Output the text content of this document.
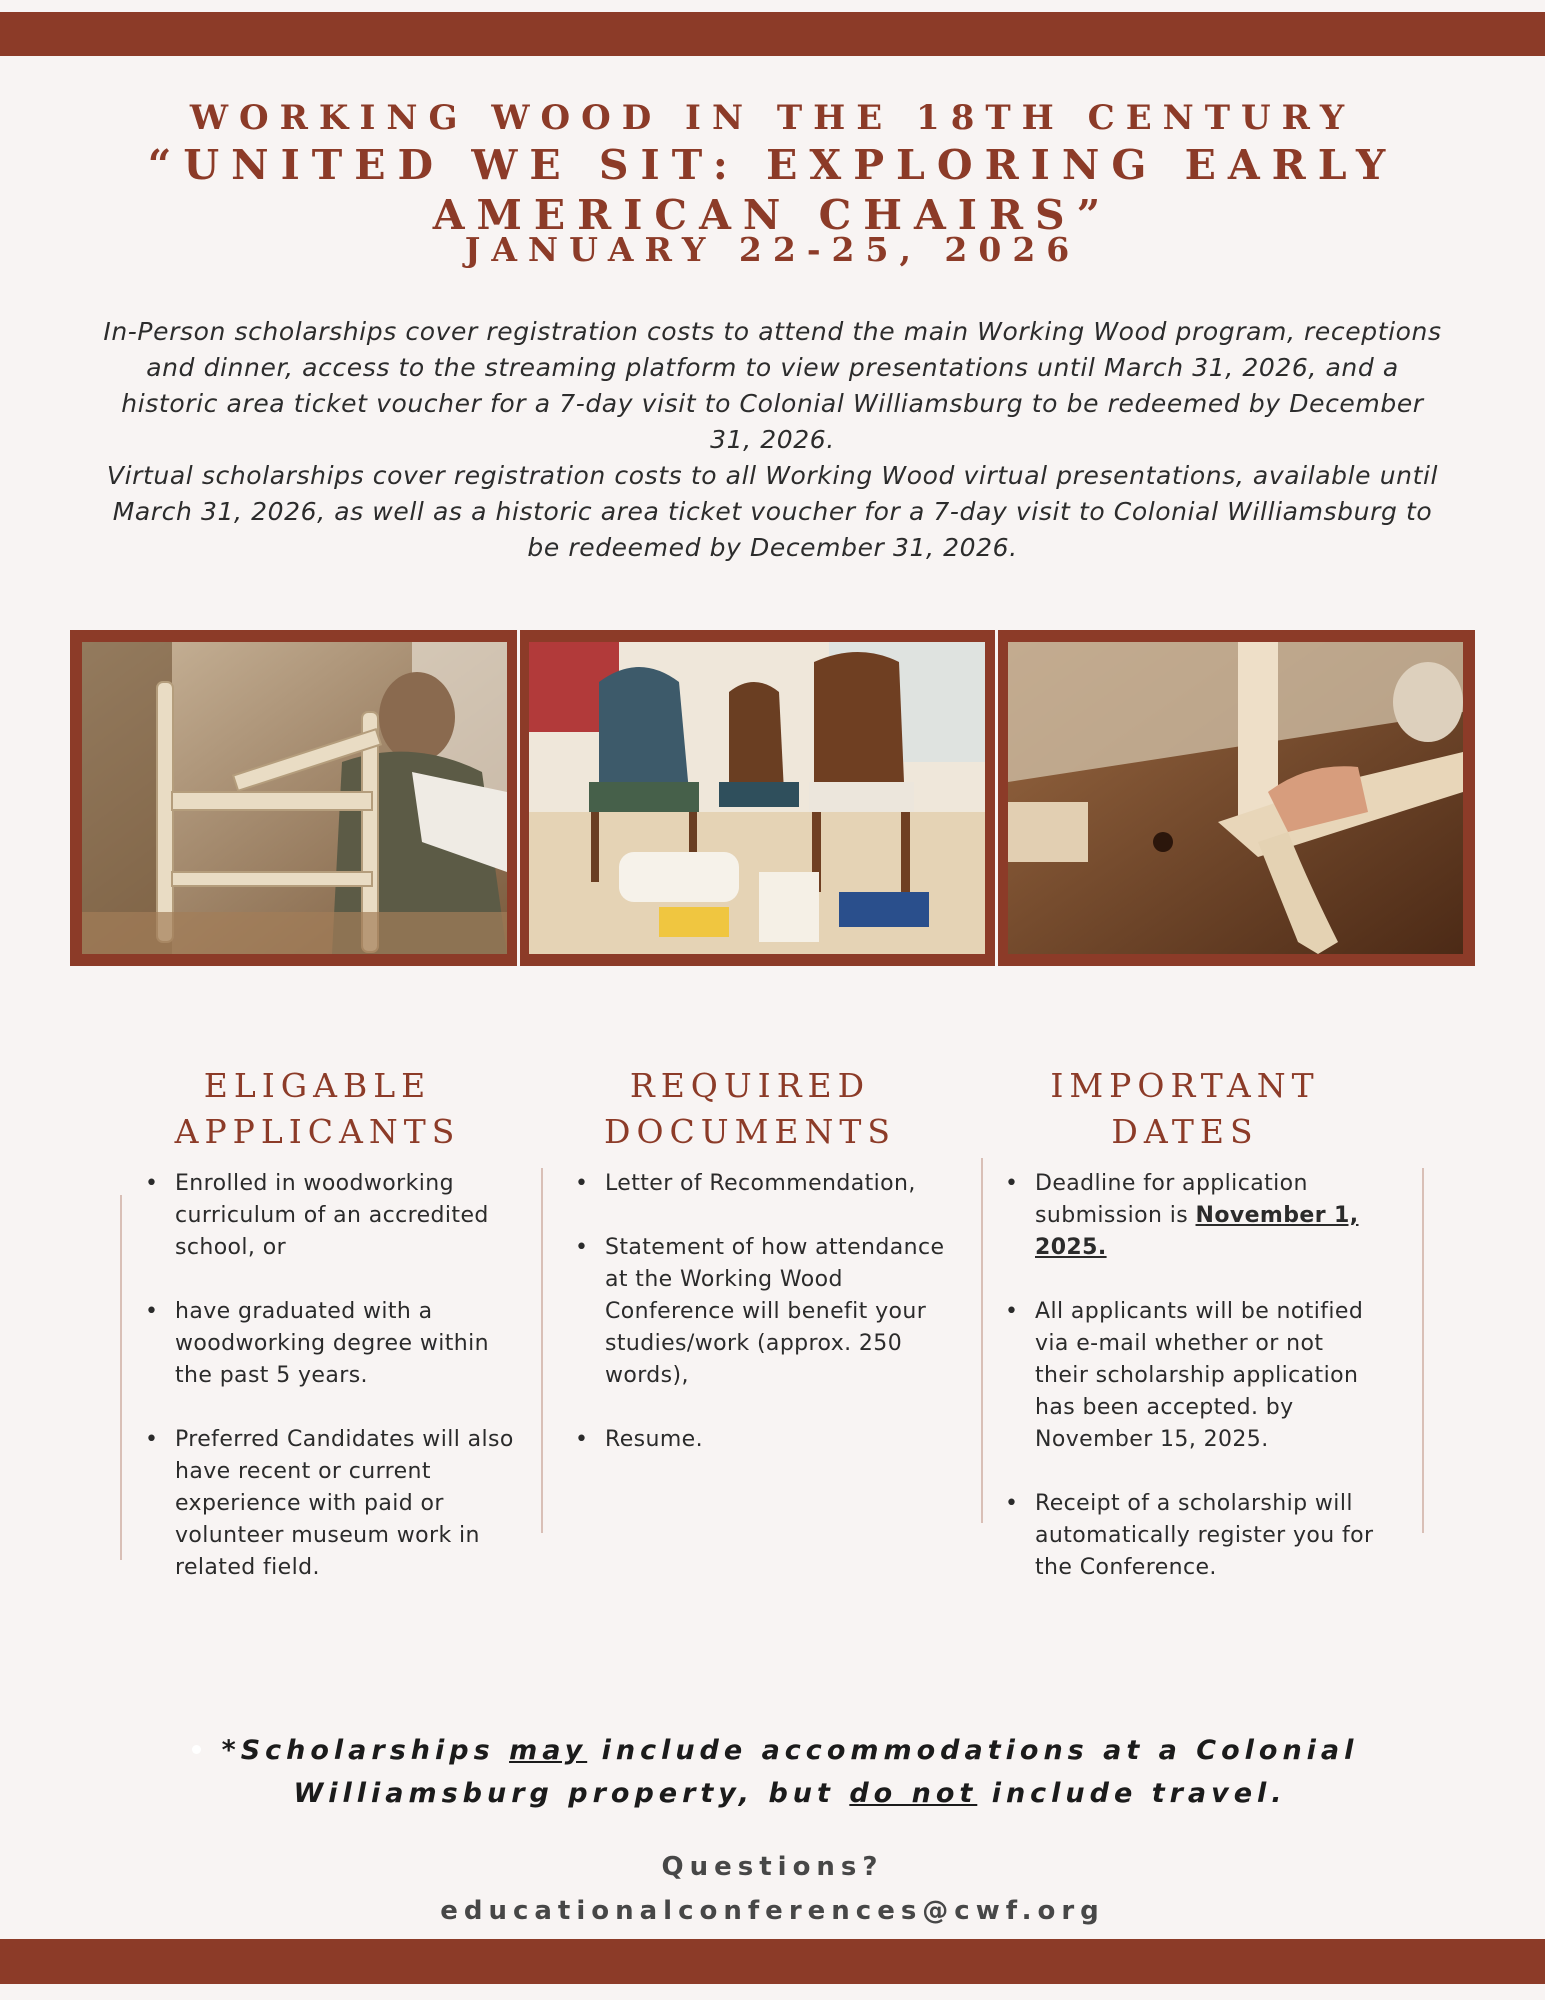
WORKING WOOD IN THE 18TH CENTURY
“UNITED WE SIT: EXPLORING EARLY
AMERICAN CHAIRS”
JANUARY 22-25, 2026
In-Person scholarships cover registration costs to attend the main Working Wood program, receptions and dinner, access to the streaming platform to view presentations until March 31, 2026, and a historic area ticket voucher for a 7-day visit to Colonial Williamsburg to be redeemed by December 31, 2026.
Virtual scholarships cover registration costs to all Working Wood virtual presentations, available until March 31, 2026, as well as a historic area ticket voucher for a 7-day visit to Colonial Williamsburg to be redeemed by December 31, 2026.
ELIGABLE
APPLICANTS
REQUIRED
DOCUMENTS
IMPORTANT
DATES
• Enrolled in woodworking curriculum of an accredited school, or
• have graduated with a woodworking degree within the past 5 years.
• Preferred Candidates will also have recent or current experience with paid or volunteer museum work in related field.
• Letter of Recommendation,
• Statement of how attendance at the Working Wood Conference will benefit your studies/work (approx. 250 words),
• Resume.
• Deadline for application submission is November 1, 2025.
• All applicants will be notified via e-mail whether or not their scholarship application has been accepted. by November 15, 2025.
• Receipt of a scholarship will automatically register you for the Conference.
*Scholarships may include accommodations at a Colonial Williamsburg property, but do not include travel.
Questions?
educationalconferences@cwf.org
